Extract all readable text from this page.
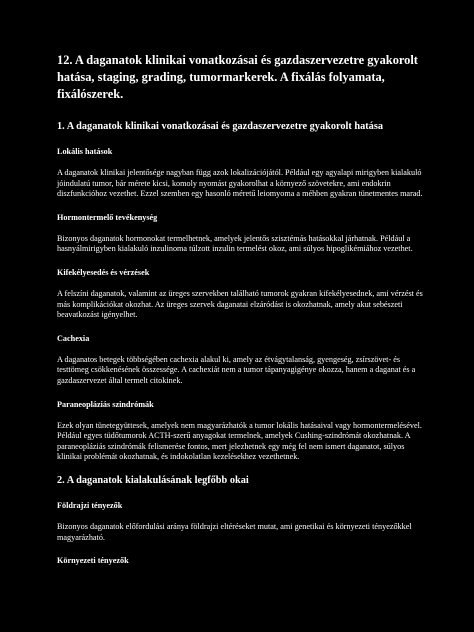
12. A daganatok klinikai vonatkozásai és gazdaszervezetre gyakorolt hatása, staging, grading, tumormarkerek. A fixálás folyamata, fixálószerek.
1. A daganatok klinikai vonatkozásai és gazdaszervezetre gyakorolt hatása
Lokális hatások
A daganatok klinikai jelentősége nagyban függ azok lokalizációjától. Például egy agyalapi mirigyben kialakuló jóindulatú tumor, bár mérete kicsi, komoly nyomást gyakorolhat a környező szövetekre, ami endokrin diszfunkcióhoz vezethet. Ezzel szemben egy hasonló méretű leiomyoma a méhben gyakran tünetmentes marad.
Hormontermelő tevékenység
Bizonyos daganatok hormonokat termelhetnek, amelyek jelentős szisztémás hatásokkal járhatnak. Például a hasnyálmirigyben kialakuló inzulinoma túlzott inzulin termelést okoz, ami súlyos hipoglikémiához vezethet.
Kifekélyesedés és vérzések
A felszíni daganatok, valamint az üreges szervekben található tumorok gyakran kifekélyesednek, ami vérzést és más komplikációkat okozhat. Az üreges szervek daganatai elzáródást is okozhatnak, amely akut sebészeti beavatkozást igényelhet.
Cachexia
A daganatos betegek többségében cachexia alakul ki, amely az étvágytalanság, gyengeség, zsírszövet- és testtömeg csökkenésének összessége. A cachexiát nem a tumor tápanyagigénye okozza, hanem a daganat és a gazdaszervezet által termelt citokinek.
Paraneopláziás szindrómák
Ezek olyan tünetegyüttesek, amelyek nem magyarázhatók a tumor lokális hatásaival vagy hormontermelésével. Például egyes tüdőtumorok ACTH-szerű anyagokat termelnek, amelyek Cushing-szindrómát okozhatnak. A paraneopláziás szindrómák felismerése fontos, mert jelezhetnek egy még fel nem ismert daganatot, súlyos klinikai problémát okozhatnak, és indokolatlan kezelésekhez vezethetnek.
2. A daganatok kialakulásának legfőbb okai
Földrajzi tényezők
Bizonyos daganatok előfordulási aránya földrajzi eltéréseket mutat, ami genetikai és környezeti tényezőkkel magyarázható.
Környezeti tényezők
